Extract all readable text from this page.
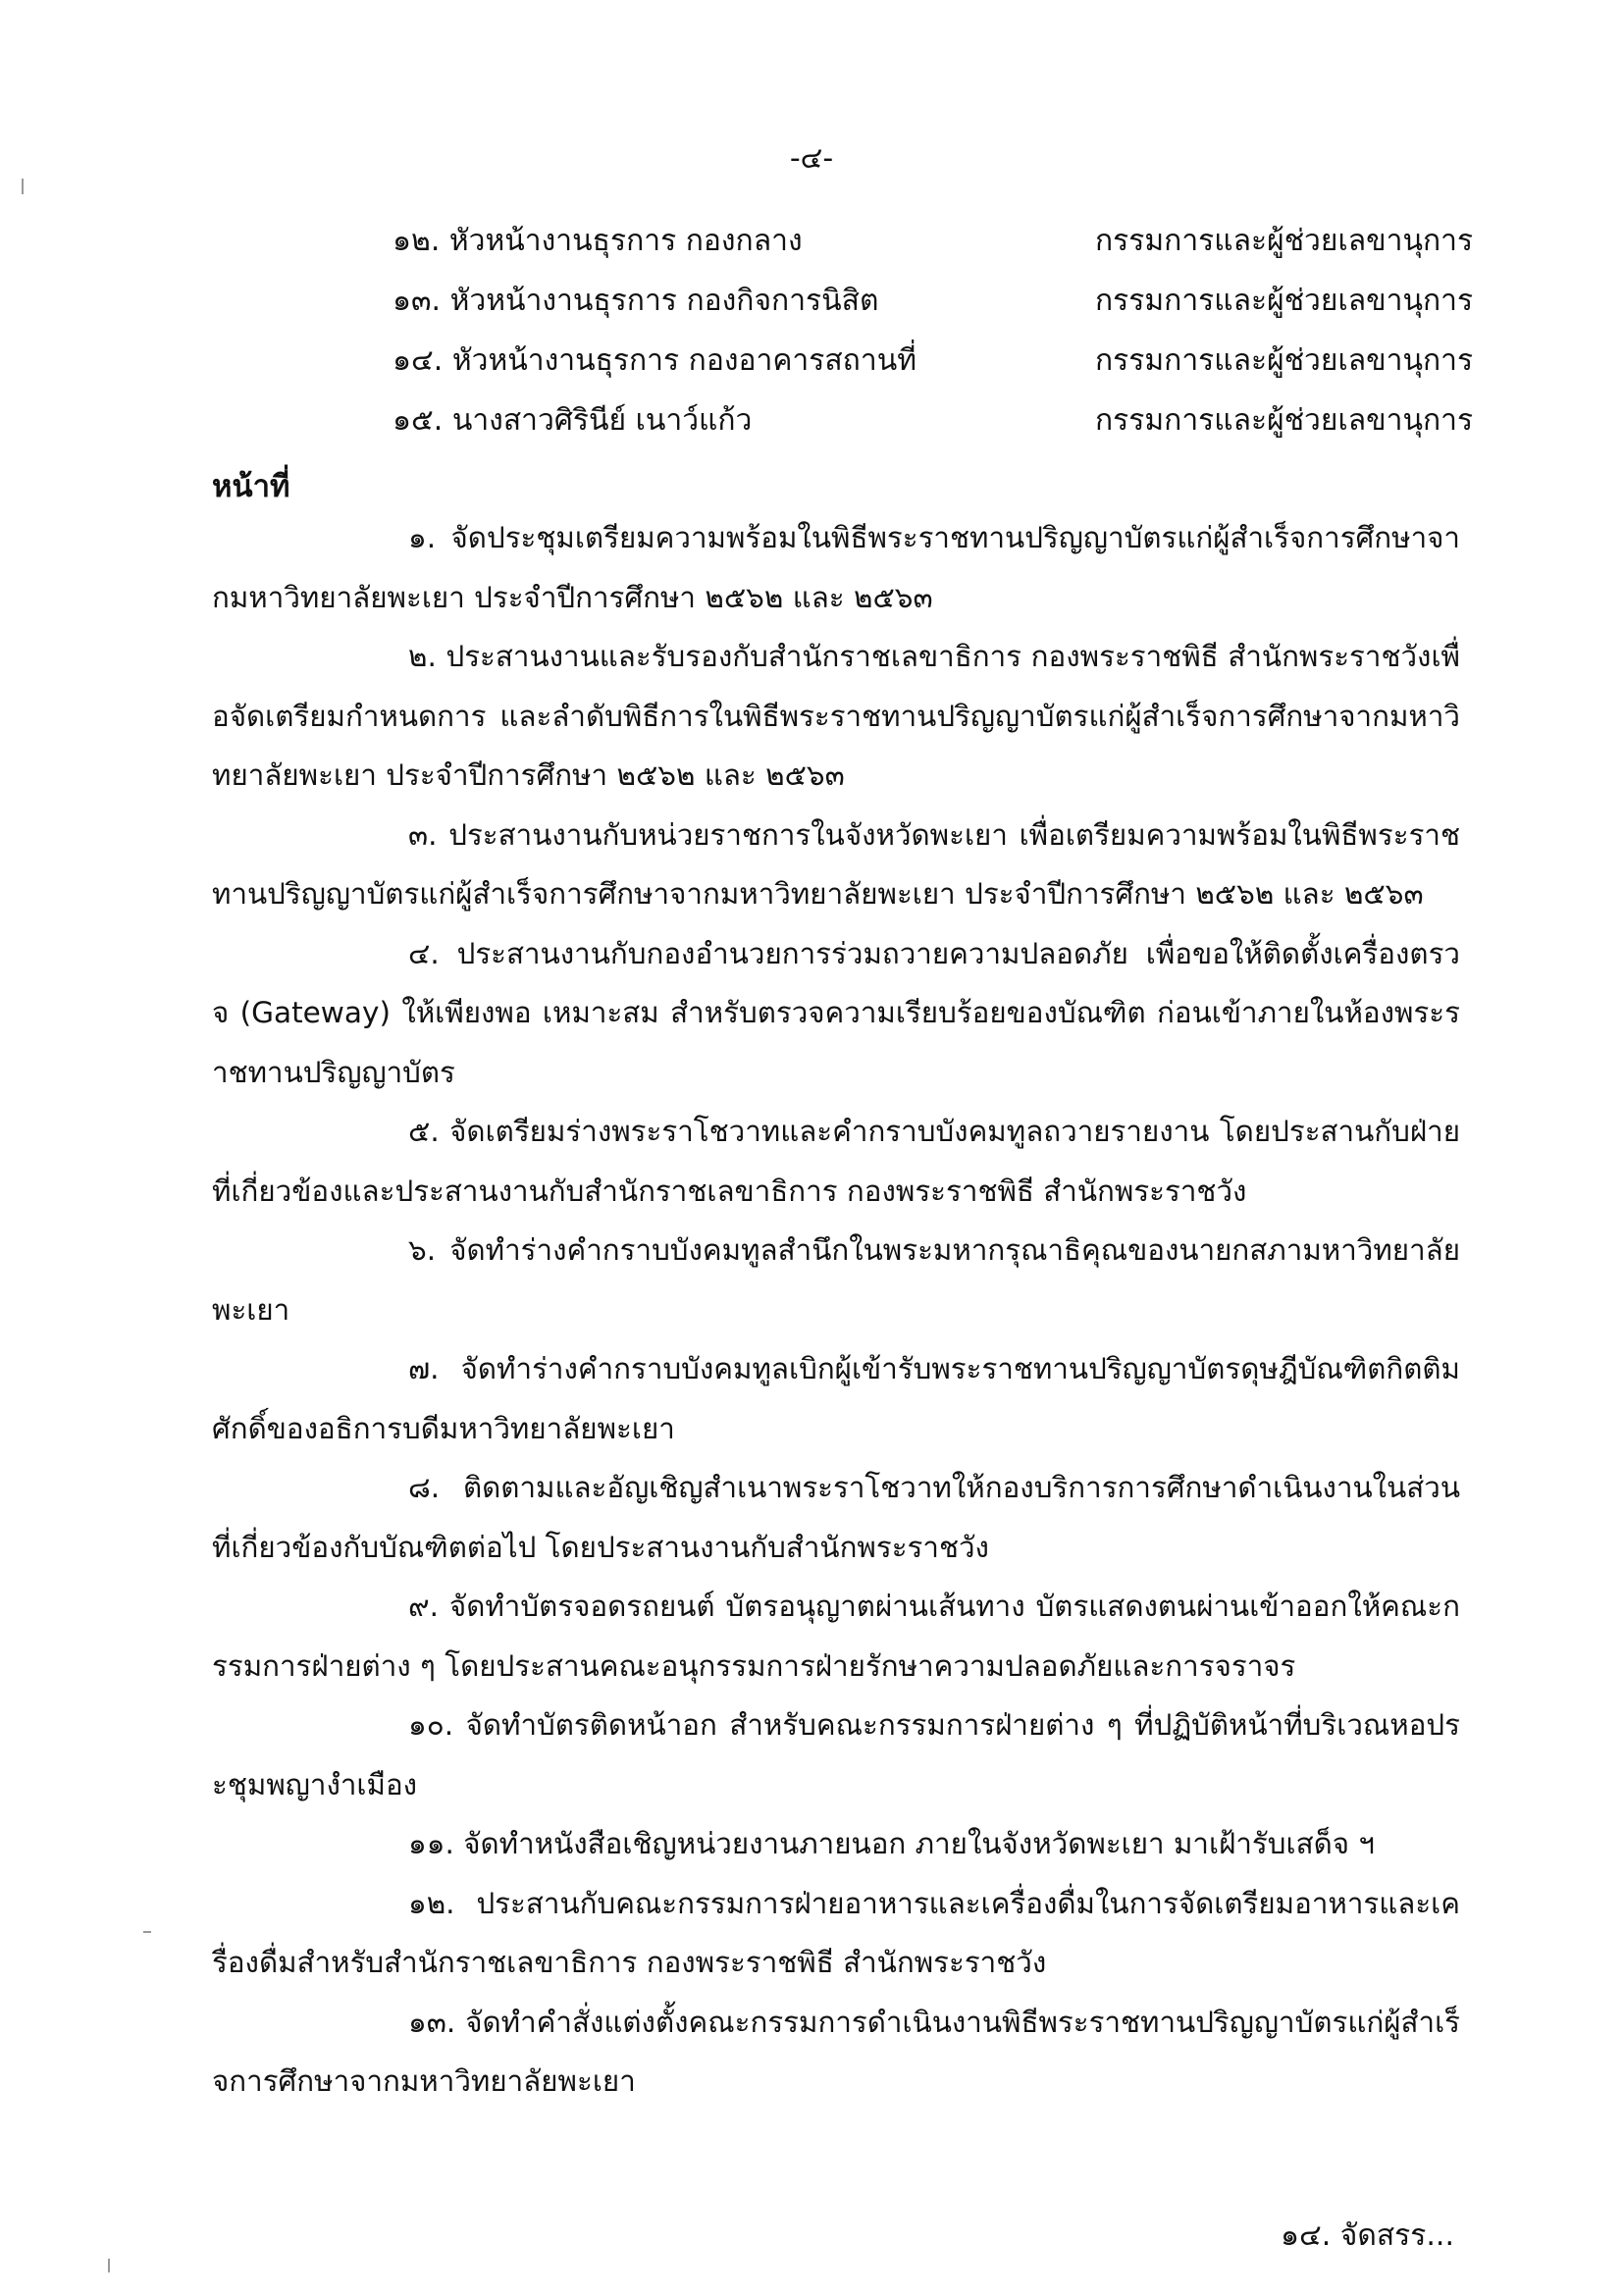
-๔-
๑๒. หัวหน้างานธุรการ กองกลาง	กรรมการและผู้ช่วยเลขานุการ
๑๓. หัวหน้างานธุรการ กองกิจการนิสิต	กรรมการและผู้ช่วยเลขานุการ
๑๔. หัวหน้างานธุรการ กองอาคารสถานที่	กรรมการและผู้ช่วยเลขานุการ
๑๕. นางสาวศิรินีย์ เนาว์แก้ว	กรรมการและผู้ช่วยเลขานุการ
หน้าที่

๑. จัดประชุมเตรียมความพร้อมในพิธีพระราชทานปริญญาบัตรแก่ผู้สำเร็จการศึกษาจากมหาวิทยาลัยพะเยา ประจำปีการศึกษา ๒๕๖๒ และ ๒๕๖๓

๒. ประสานงานและรับรองกับสำนักราชเลขาธิการ กองพระราชพิธี สำนักพระราชวังเพื่อจัดเตรียมกำหนดการ และลำดับพิธีการในพิธีพระราชทานปริญญาบัตรแก่ผู้สำเร็จการศึกษาจากมหาวิทยาลัยพะเยา ประจำปีการศึกษา ๒๕๖๒ และ ๒๕๖๓

๓. ประสานงานกับหน่วยราชการในจังหวัดพะเยา เพื่อเตรียมความพร้อมในพิธีพระราชทานปริญญาบัตรแก่ผู้สำเร็จการศึกษาจากมหาวิทยาลัยพะเยา ประจำปีการศึกษา ๒๕๖๒ และ ๒๕๖๓

๔. ประสานงานกับกองอำนวยการร่วมถวายความปลอดภัย เพื่อขอให้ติดตั้งเครื่องตรวจ (Gateway) ให้เพียงพอ เหมาะสม สำหรับตรวจความเรียบร้อยของบัณฑิต ก่อนเข้าภายในห้องพระราชทานปริญญาบัตร

๕. จัดเตรียมร่างพระราโชวาทและคำกราบบังคมทูลถวายรายงาน โดยประสานกับฝ่ายที่เกี่ยวข้องและประสานงานกับสำนักราชเลขาธิการ กองพระราชพิธี สำนักพระราชวัง

๖. จัดทำร่างคำกราบบังคมทูลสำนึกในพระมหากรุณาธิคุณของนายกสภามหาวิทยาลัยพะเยา

๗. จัดทำร่างคำกราบบังคมทูลเบิกผู้เข้ารับพระราชทานปริญญาบัตรดุษฎีบัณฑิตกิตติมศักดิ์ของอธิการบดีมหาวิทยาลัยพะเยา

๘. ติดตามและอัญเชิญสำเนาพระราโชวาทให้กองบริการการศึกษาดำเนินงานในส่วนที่เกี่ยวข้องกับบัณฑิตต่อไป โดยประสานงานกับสำนักพระราชวัง

๙. จัดทำบัตรจอดรถยนต์ บัตรอนุญาตผ่านเส้นทาง บัตรแสดงตนผ่านเข้าออกให้คณะกรรมการฝ่ายต่าง ๆ โดยประสานคณะอนุกรรมการฝ่ายรักษาความปลอดภัยและการจราจร

๑๐. จัดทำบัตรติดหน้าอก สำหรับคณะกรรมการฝ่ายต่าง ๆ ที่ปฏิบัติหน้าที่บริเวณหอประชุมพญางำเมือง

๑๑. จัดทำหนังสือเชิญหน่วยงานภายนอก ภายในจังหวัดพะเยา มาเฝ้ารับเสด็จ ฯ

๑๒. ประสานกับคณะกรรมการฝ่ายอาหารและเครื่องดื่มในการจัดเตรียมอาหารและเครื่องดื่มสำหรับสำนักราชเลขาธิการ กองพระราชพิธี สำนักพระราชวัง

๑๓. จัดทำคำสั่งแต่งตั้งคณะกรรมการดำเนินงานพิธีพระราชทานปริญญาบัตรแก่ผู้สำเร็จการศึกษาจากมหาวิทยาลัยพะเยา

๑๔. จัดสรร...
